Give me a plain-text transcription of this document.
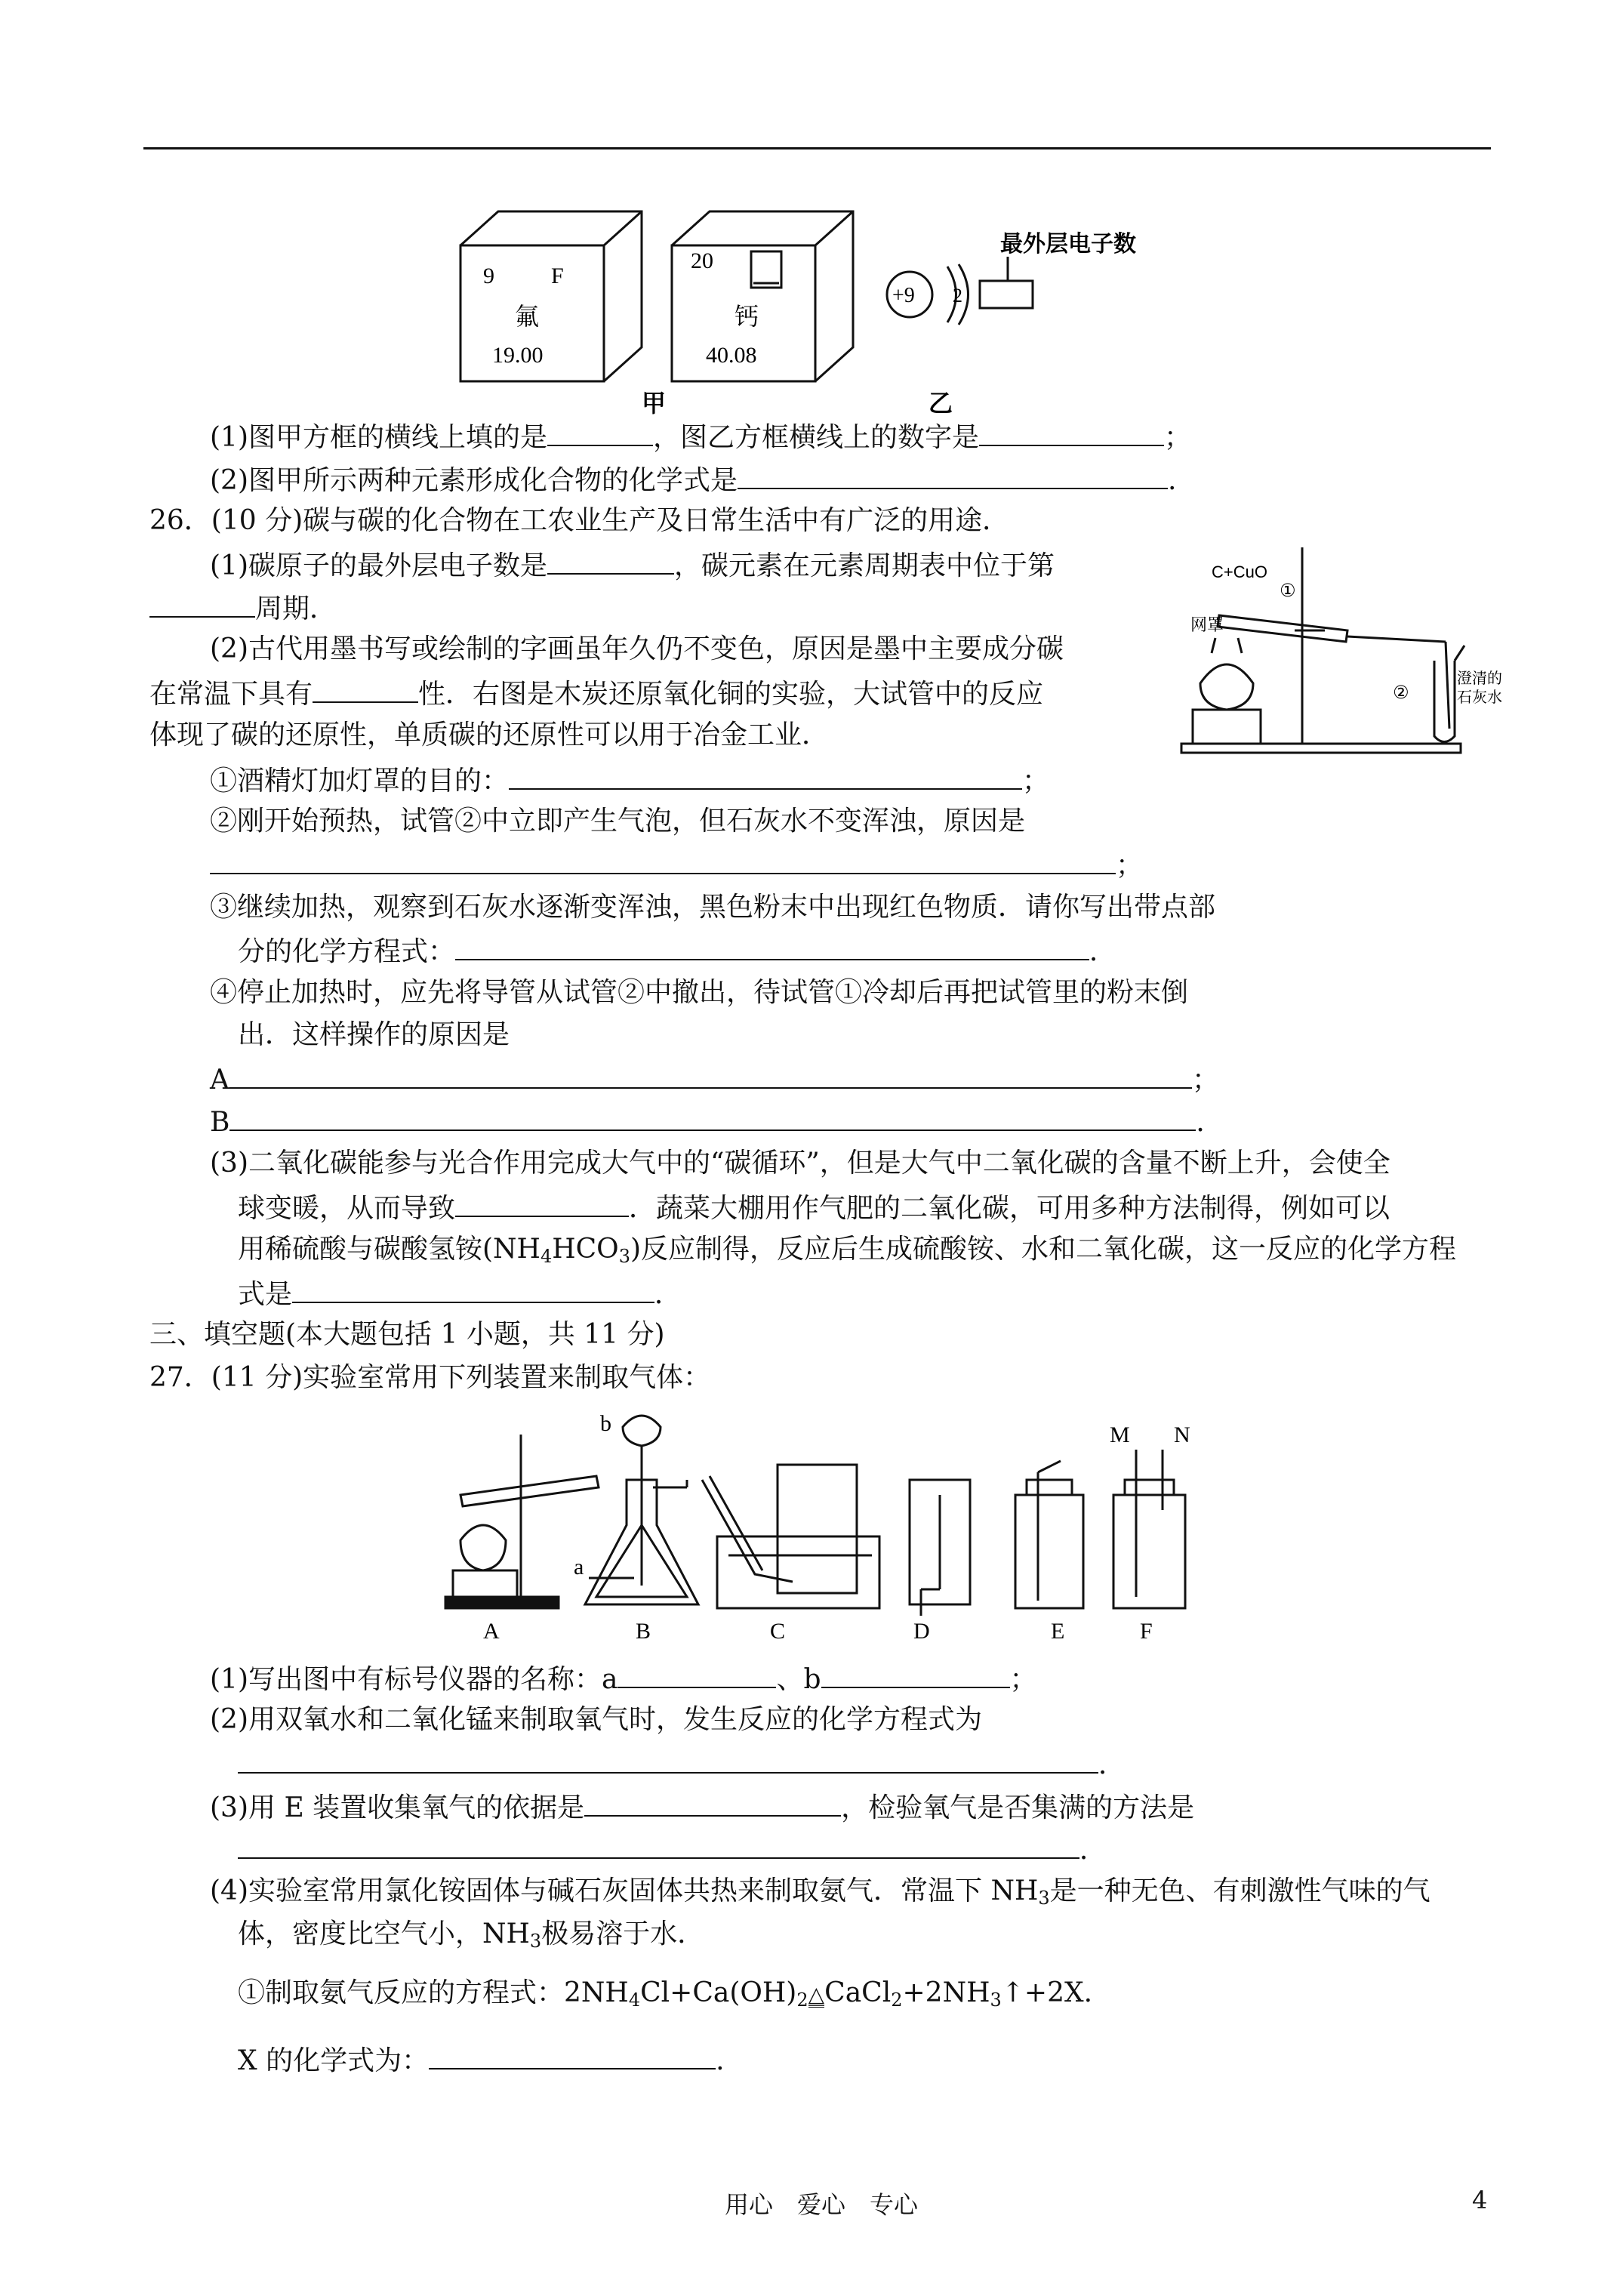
9	F
氟
19.00
20
钙
40.08
+9 2
最外层电子数
甲	乙
(1)图甲方框的横线上填的是	，图乙方框横线上的数字是	；
(2)图甲所示两种元素形成化合物的化学式是	.
26．(10 分)碳与碳的化合物在工农业生产及日常生活中有广泛的用途．
(1)碳原子的最外层电子数是	，碳元素在元素周期表中位于第
周期．
(2)古代用墨书写或绘制的字画虽年久仍不变色，原因是墨中主要成分碳
在常温下具有	性．右图是木炭还原氧化铜的实验，大试管中的反应
体现了碳的还原性，单质碳的还原性可以用于冶金工业．
C+CuO
①
网罩
②
澄清的
石灰水
①酒精灯加灯罩的目的：	；
②刚开始预热，试管②中立即产生气泡，但石灰水不变浑浊，原因是
；
③继续加热，观察到石灰水逐渐变浑浊，黑色粉末中出现红色物质．请你写出带点部
分的化学方程式：	．
④停止加热时，应先将导管从试管②中撤出，待试管①冷却后再把试管里的粉末倒
出．这样操作的原因是
A	；
B	．
(3)二氧化碳能参与光合作用完成大气中的“碳循环”，但是大气中二氧化碳的含量不断上升，会使全
球变暖，从而导致	．蔬菜大棚用作气肥的二氧化碳，可用多种方法制得，例如可以
用稀硫酸与碳酸氢铵$(NH_4HCO_3)$反应制得，反应后生成硫酸铵、水和二氧化碳，这一反应的化学方程
式是	．
三、填空题(本大题包括 1 小题，共 11 分)
27．(11 分)实验室常用下列装置来制取气体：
b
a
M N
A	B	C	D	E	F
(1)写出图中有标号仪器的名称：a	、b	；
(2)用双氧水和二氧化锰来制取氧气时，发生反应的化学方程式为
．
(3)用 E 装置收集氧气的依据是	，检验氧气是否集满的方法是
．
(4)实验室常用氯化铵固体与碱石灰固体共热来制取氨气．常温下 $NH_3$是一种无色、有刺激性气味的气
体，密度比空气小，$NH_3$极易溶于水．
①制取氨气反应的方程式：$2NH_4Cl+Ca(OH)_2\triangle CaCl_2+2NH_3↑+2X$.
X 的化学式为：	.
用心　爱心　专心	4
